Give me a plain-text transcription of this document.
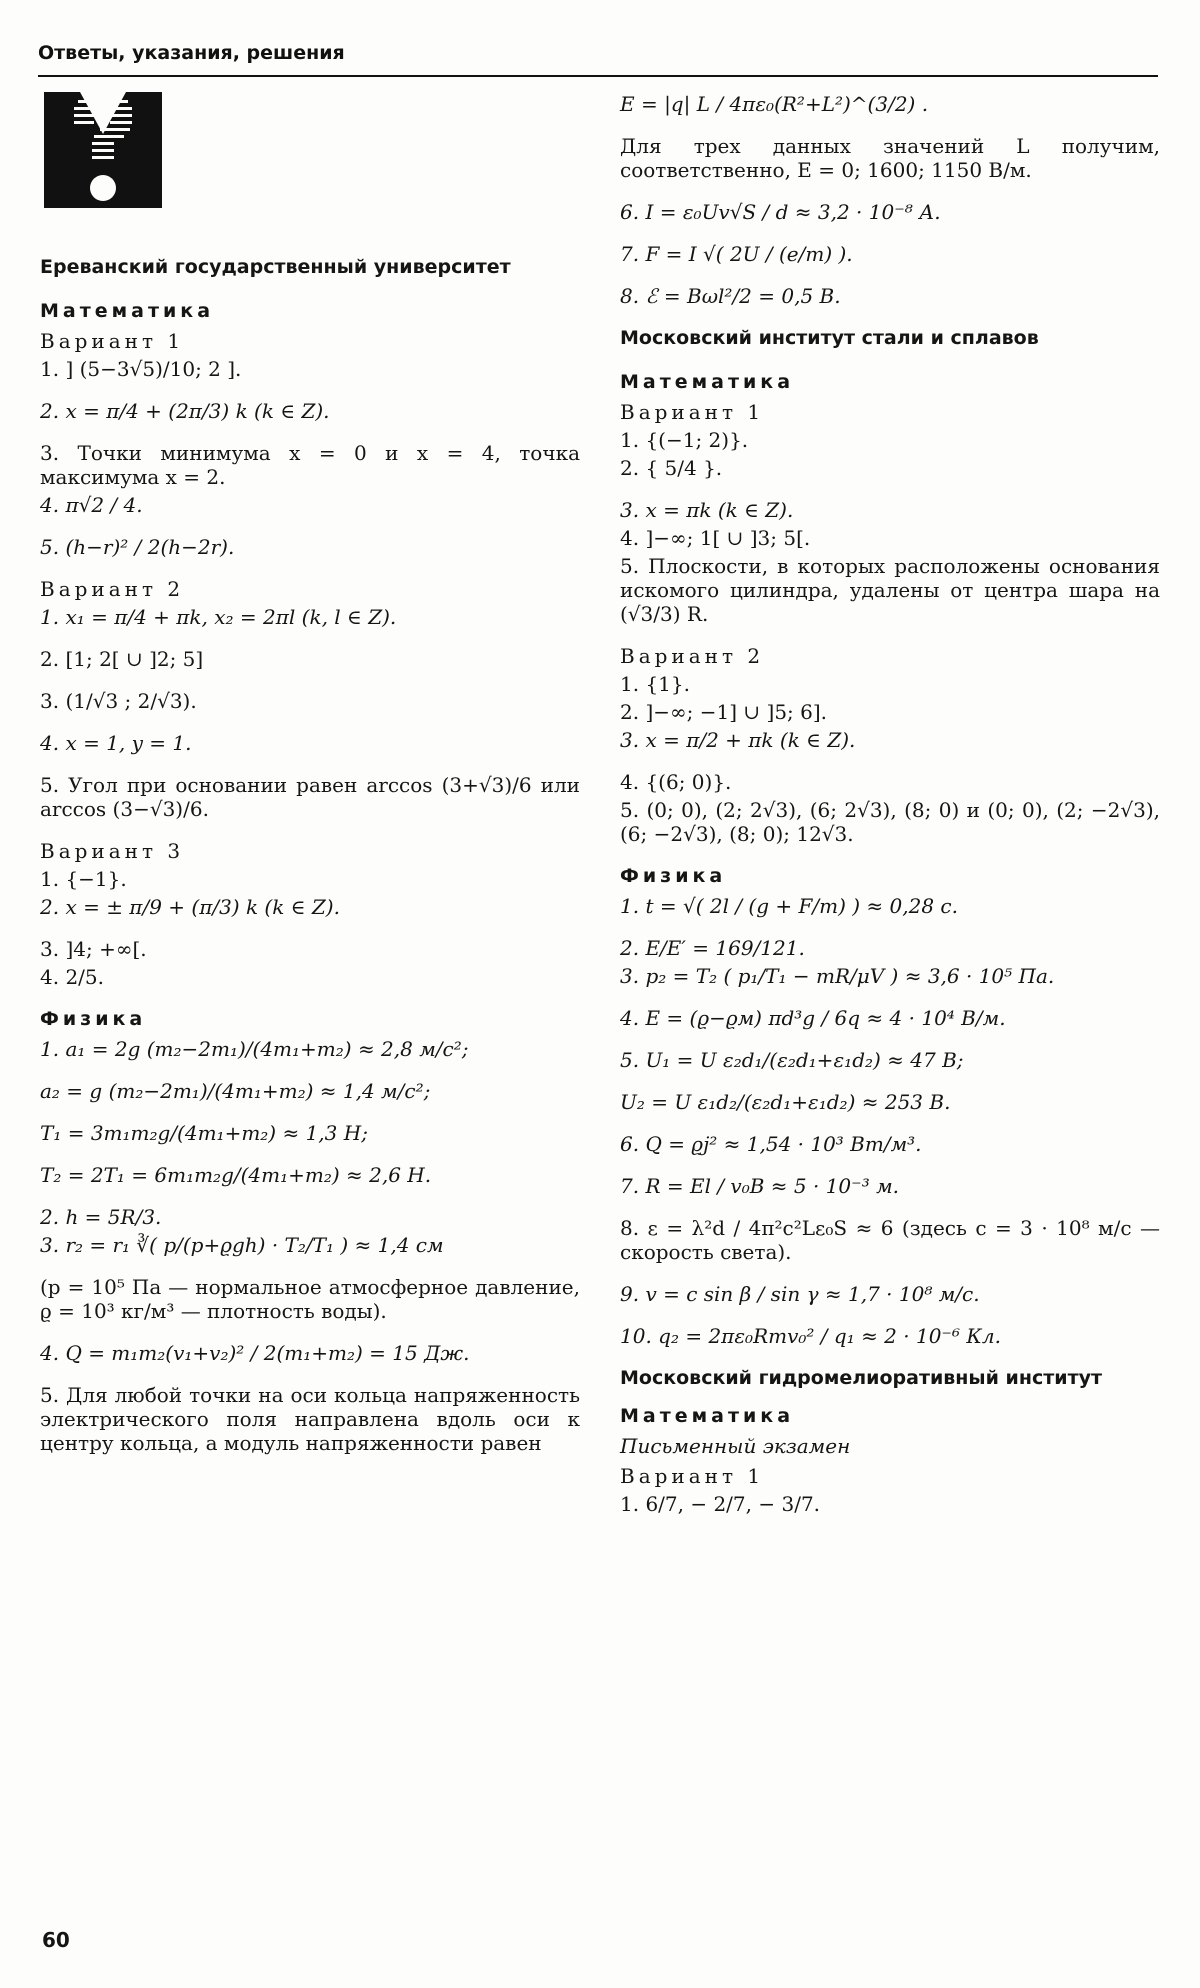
Ответы, указания, решения
Ереванский государственный университет
Математика
Вариант 1
1. ] (5−3√5)/10; 2 ].
2. x = π/4 + (2π/3) k (k ∈ Z).
3. Точки минимума x = 0 и x = 4, точка максимума x = 2.
4. π√2 / 4.
5. (h−r)² / 2(h−2r).
Вариант 2
1. x₁ = π/4 + πk, x₂ = 2πl (k, l ∈ Z).
2. [1; 2[ ∪ ]2; 5]
3. (1/√3 ; 2/√3).
4. x = 1, y = 1.
5. Угол при основании равен arccos (3+√3)/6 или arccos (3−√3)/6.
Вариант 3
1. {−1}.
2. x = ± π/9 + (π/3) k (k ∈ Z).
3. ]4; +∞[.
4. 2/5.
Физика
1. a₁ = 2g (m₂−2m₁)/(4m₁+m₂) ≈ 2,8 м/с²;
a₂ = g (m₂−2m₁)/(4m₁+m₂) ≈ 1,4 м/с²;
T₁ = 3m₁m₂g/(4m₁+m₂) ≈ 1,3 Н;
T₂ = 2T₁ = 6m₁m₂g/(4m₁+m₂) ≈ 2,6 Н.
2. h = 5R/3.
3. r₂ = r₁ ∛( p/(p+ϱgh) · T₂/T₁ ) ≈ 1,4 см
(p = 10⁵ Па — нормальное атмосферное давление, ϱ = 10³ кг/м³ — плотность воды).
4. Q = m₁m₂(v₁+v₂)² / 2(m₁+m₂) = 15 Дж.
5. Для любой точки на оси кольца напряженность электрического поля направлена вдоль оси к центру кольца, а модуль напряженности равен
E = |q| L / 4πε₀(R²+L²)^(3/2) .
Для трех данных значений L получим, соответственно, E = 0; 1600; 1150 В/м.
6. I = ε₀Uv√S / d ≈ 3,2 · 10⁻⁸ А.
7. F = I √( 2U / (e/m) ).
8. ℰ = Bωl²/2 = 0,5 В.
Московский институт стали и сплавов
Математика
Вариант 1
1. {(−1; 2)}.
2. { 5/4 }.
3. x = πk (k ∈ Z).
4. ]−∞; 1[ ∪ ]3; 5[.
5. Плоскости, в которых расположены основания искомого цилиндра, удалены от центра шара на (√3/3) R.
Вариант 2
1. {1}.
2. ]−∞; −1] ∪ ]5; 6].
3. x = π/2 + πk (k ∈ Z).
4. {(6; 0)}.
5. (0; 0), (2; 2√3), (6; 2√3), (8; 0) и (0; 0), (2; −2√3), (6; −2√3), (8; 0); 12√3.
Физика
1. t = √( 2l / (g + F/m) ) ≈ 0,28 с.
2. E/E′ = 169/121.
3. p₂ = T₂ ( p₁/T₁ − mR/μV ) ≈ 3,6 · 10⁵ Па.
4. E = (ϱ−ϱм) πd³g / 6q ≈ 4 · 10⁴ В/м.
5. U₁ = U ε₂d₁/(ε₂d₁+ε₁d₂) ≈ 47 В;
U₂ = U ε₁d₂/(ε₂d₁+ε₁d₂) ≈ 253 В.
6. Q = ϱj² ≈ 1,54 · 10³ Вт/м³.
7. R = El / v₀B ≈ 5 · 10⁻³ м.
8. ε = λ²d / 4π²c²Lε₀S ≈ 6 (здесь c = 3 · 10⁸ м/с — скорость света).
9. v = c sin β / sin γ ≈ 1,7 · 10⁸ м/с.
10. q₂ = 2πε₀Rmv₀² / q₁ ≈ 2 · 10⁻⁶ Кл.
Московский гидромелиоративный институт
Математика
Письменный экзамен
Вариант 1
1. 6/7, − 2/7, − 3/7.
60
